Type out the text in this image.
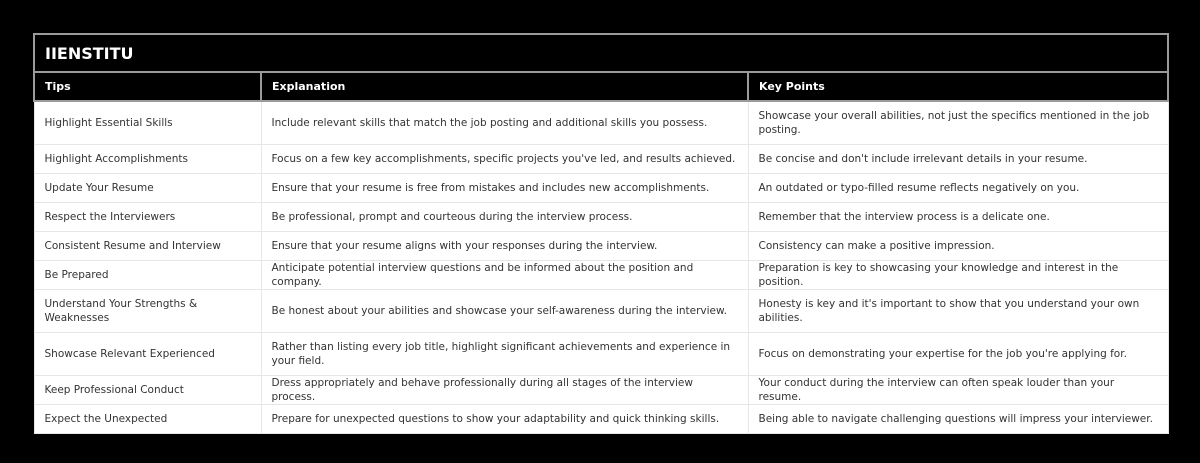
IIENSTITU		
Tips	Explanation	Key Points
Highlight Essential Skills	Include relevant skills that match the job posting and additional skills you possess.	Showcase your overall abilities, not just the specifics mentioned in the job posting.
Highlight Accomplishments	Focus on a few key accomplishments, specific projects you've led, and results achieved.	Be concise and don't include irrelevant details in your resume.
Update Your Resume	Ensure that your resume is free from mistakes and includes new accomplishments.	An outdated or typo-filled resume reflects negatively on you.
Respect the Interviewers	Be professional, prompt and courteous during the interview process.	Remember that the interview process is a delicate one.
Consistent Resume and Interview	Ensure that your resume aligns with your responses during the interview.	Consistency can make a positive impression.
Be Prepared	Anticipate potential interview questions and be informed about the position and company.	Preparation is key to showcasing your knowledge and interest in the position.
Understand Your Strengths & Weaknesses	Be honest about your abilities and showcase your self-awareness during the interview.	Honesty is key and it's important to show that you understand your own abilities.
Showcase Relevant Experienced	Rather than listing every job title, highlight significant achievements and experience in your field.	Focus on demonstrating your expertise for the job you're applying for.
Keep Professional Conduct	Dress appropriately and behave professionally during all stages of the interview process.	Your conduct during the interview can often speak louder than your resume.
Expect the Unexpected	Prepare for unexpected questions to show your adaptability and quick thinking skills.	Being able to navigate challenging questions will impress your interviewer.
